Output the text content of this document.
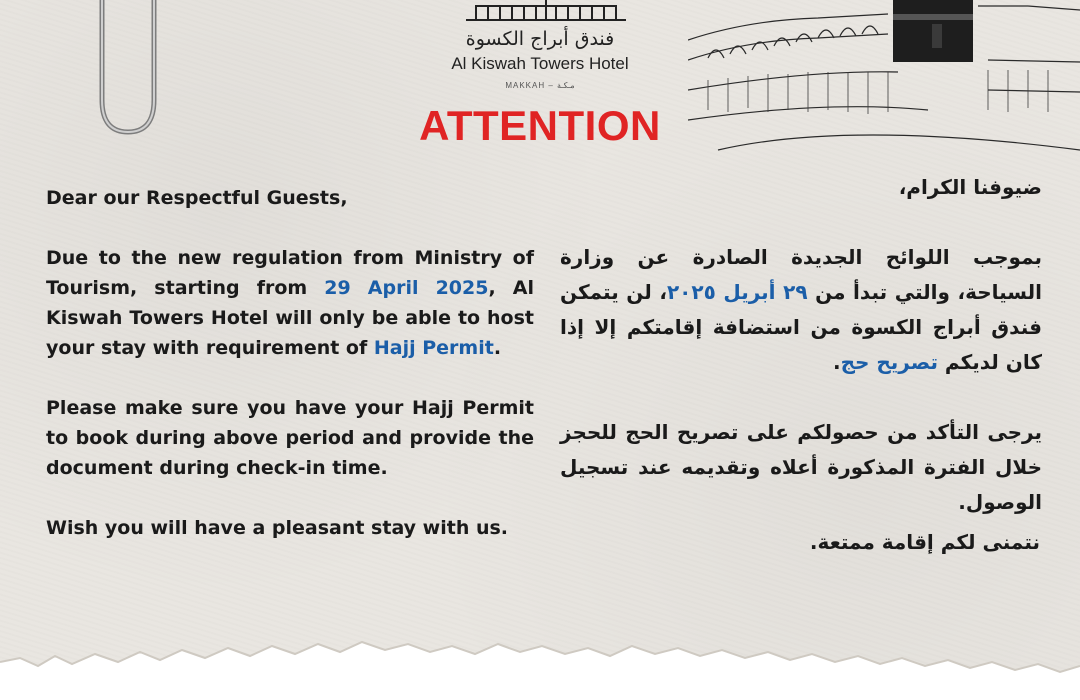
فندق أبراج الكسوة
Al Kiswah Towers Hotel
MAKKAH – مـكـة
ATTENTION

Dear our Respectful Guests,

Due to the new regulation from Ministry of Tourism, starting from 29 April 2025, Al Kiswah Towers Hotel will only be able to host your stay with requirement of Hajj Permit.

Please make sure you have your Hajj Permit to book during above period and provide the document during check-in time.

Wish you will have a pleasant stay with us.

ضيوفنا الكرام،

بموجب اللوائح الجديدة الصادرة عن وزارة السياحة، والتي تبدأ من ٢٩ أبريل ٢٠٢٥، لن يتمكن فندق أبراج الكسوة من استضافة إقامتكم إلا إذا كان لديكم تصريح حج.

يرجى التأكد من حصولكم على تصريح الحج للحجز خلال الفترة المذكورة أعلاه وتقديمه عند تسجيل الوصول.

نتمنى لكم إقامة ممتعة.
